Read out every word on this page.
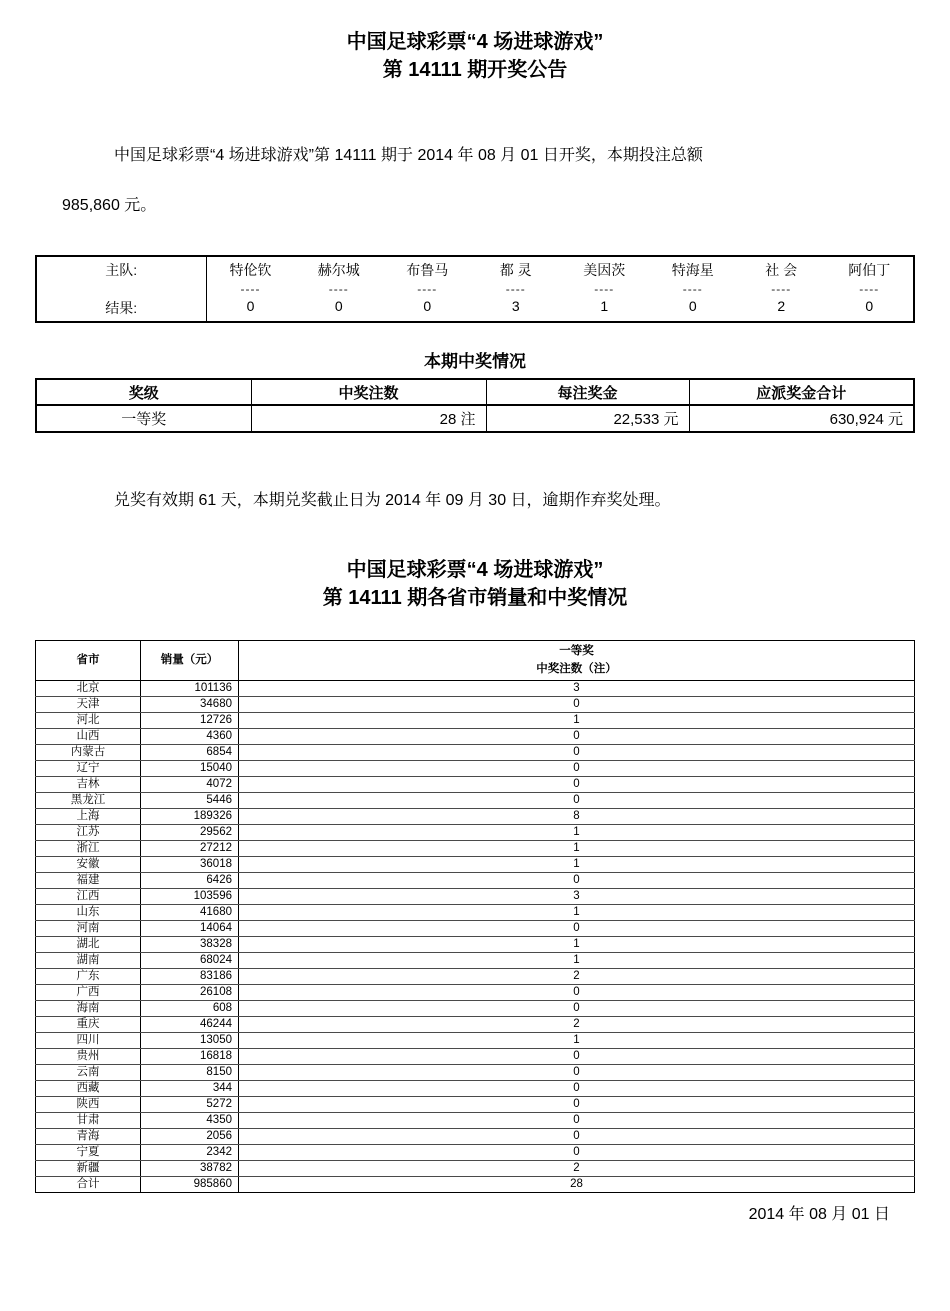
中国足球彩票“4 场进球游戏”
第 14111 期开奖公告
中国足球彩票“4 场进球游戏”第 14111 期于 2014 年 08 月 01 日开奖，本期投注总额
985,860 元。
主队:	特伦钦	赫尔城	布鲁马	都 灵	美因茨	特海星	社 会	阿伯丁
	----	----	----	----	----	----	----	----
结果:	0	0	0	3	1	0	2	0
本期中奖情况
奖级	中奖注数	每注奖金	应派奖金合计
一等奖	28 注	22,533 元	630,924 元
兑奖有效期 61 天，本期兑奖截止日为 2014 年 09 月 30 日，逾期作弃奖处理。
中国足球彩票“4 场进球游戏”
第 14111 期各省市销量和中奖情况
省市	销量（元）	一等奖
中奖注数（注）

北京	101136	3
天津	34680	0
河北	12726	1
山西	4360	0
内蒙古	6854	0
辽宁	15040	0
吉林	4072	0
黑龙江	5446	0
上海	189326	8
江苏	29562	1
浙江	27212	1
安徽	36018	1
福建	6426	0
江西	103596	3
山东	41680	1
河南	14064	0
湖北	38328	1
湖南	68024	1
广东	83186	2
广西	26108	0
海南	608	0
重庆	46244	2
四川	13050	1
贵州	16818	0
云南	8150	0
西藏	344	0
陕西	5272	0
甘肃	4350	0
青海	2056	0
宁夏	2342	0
新疆	38782	2
合计	985860	28
2014 年 08 月 01 日
